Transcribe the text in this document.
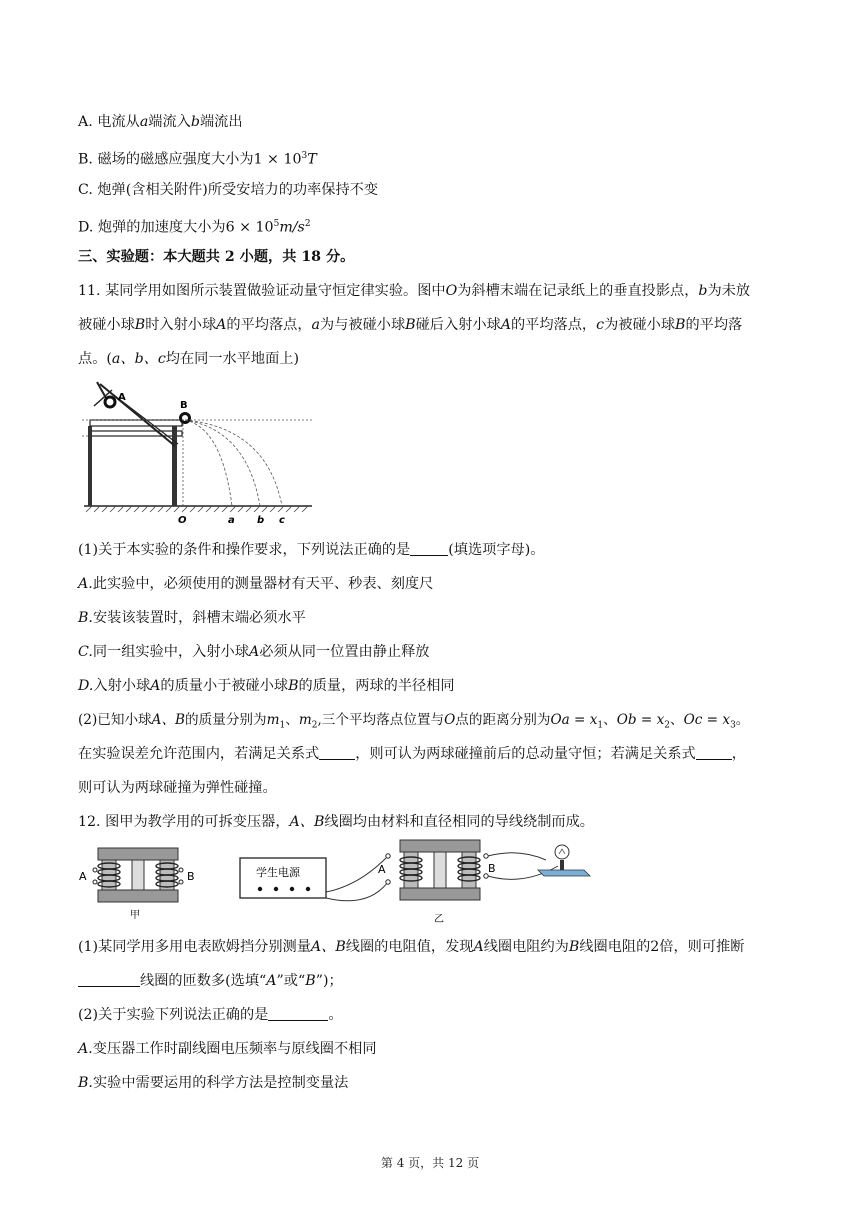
A. 电流从a端流入b端流出
B. 磁场的磁感应强度大小为$1 \times 10^3T$
C. 炮弹(含相关附件)所受安培力的功率保持不变
D. 炮弹的加速度大小为$6 \times 10^5m/s^2$
三、实验题：本大题共 2 小题，共 18 分。
11. 某同学用如图所示装置做验证动量守恒定律实验。图中O为斜槽末端在记录纸上的垂直投影点，b为未放
被碰小球B时入射小球A的平均落点，a为与被碰小球B碰后入射小球A的平均落点，c为被碰小球B的平均落
点。(a、b、c均在同一水平地面上)
A
B
O	a b c
(1)关于本实验的条件和操作要求，下列说法正确的是	(填选项字母)。
A.此实验中，必须使用的测量器材有天平、秒表、刻度尺
B.安装该装置时，斜槽末端必须水平
C.同一组实验中，入射小球A必须从同一位置由静止释放
D.入射小球A的质量小于被碰小球B的质量，两球的半径相同
(2)已知小球A、B的质量分别为$m_1$、$m_2$,三个平均落点位置与O点的距离分别为$Oa = x_1$、$Ob = x_2$、$Oc = x_3$。
在实验误差允许范围内，若满足关系式	，则可认为两球碰撞前后的总动量守恒；若满足关系式	，
则可认为两球碰撞为弹性碰撞。
12. 图甲为教学用的可拆变压器，A、B线圈均由材料和直径相同的导线绕制而成。
A	B
甲
学生电源	A	B
乙
(1)某同学用多用电表欧姆挡分别测量A、B线圈的电阻值，发现A线圈电阻约为B线圈电阻的2倍，则可推断
线圈的匝数多(选填“A”或“B”)；
(2)关于实验下列说法正确的是	。
A.变压器工作时副线圈电压频率与原线圈不相同
B.实验中需要运用的科学方法是控制变量法
第 4 页，共 12 页
